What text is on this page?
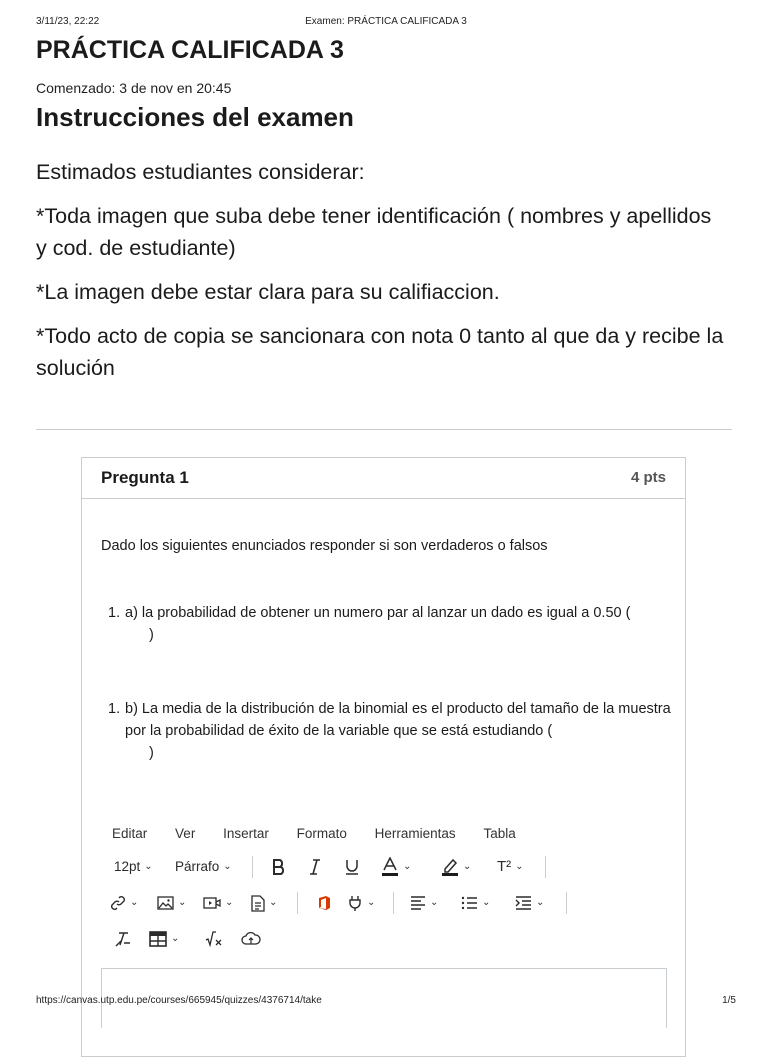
3/11/23, 22:22	Examen: PRÁCTICA CALIFICADA 3
PRÁCTICA CALIFICADA 3
Comenzado: 3 de nov en 20:45
Instrucciones del examen

Estimados estudiantes considerar:

*Toda imagen que suba debe tener identificación ( nombres y apellidos y cod. de estudiante)

*La imagen debe estar clara para su califiaccion.

*Todo acto de copia se sancionara con nota 0 tanto al que da y recibe la solución

Pregunta 1	4 pts

Dado los siguientes enunciados responder si son verdaderos o falsos

1. a) la probabilidad de obtener un numero par al lanzar un dado es igual a 0.50 (
)
1. b) La media de la distribución de la binomial es el producto del tamaño de la muestra por la probabilidad de éxito de la variable que se está estudiando (
)
Editar Ver Insertar Formato Herramientas Tabla
12pt ⌄ Párrafo ⌄	⌄	⌄ T² ⌄
⌄	⌄	⌄	⌄	⌄	⌄	⌄	⌄
⌄
https://canvas.utp.edu.pe/courses/665945/quizzes/4376714/take	1/5
